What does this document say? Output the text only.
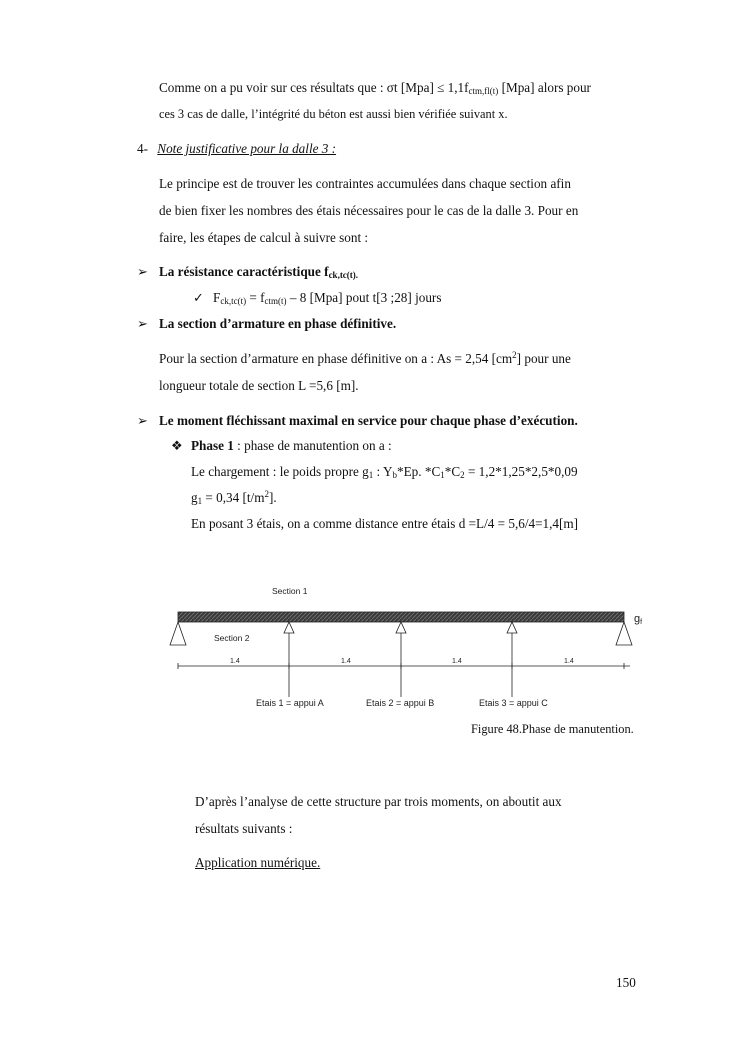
Comme on a pu voir sur ces résultats que : σt $[Mpa] \le 1,1f_{ctm,fl(t)}$ [Mpa] alors pour
ces 3 cas de dalle, l’intégrité du béton est aussi bien vérifiée suivant x.
4- Note justificative pour la dalle 3 :
Le principe est de trouver les contraintes accumulées dans chaque section afin
de bien fixer les nombres des étais nécessaires pour le cas de la dalle 3. Pour en
faire, les étapes de calcul à suivre sont :
➢ La résistance caractéristique $f_{ck,tc(t).}$
✓ $F_{ck,tc(t)} = f_{ctm(t)} - 8$ [Mpa] pout t[3 ;28] jours
➢ La section d’armature en phase définitive.
Pour la section d’armature en phase définitive on a : As = 2,54 $[cm^2]$ pour une
longueur totale de section L =5,6 [m].
➢ Le moment fléchissant maximal en service pour chaque phase d’exécution.
❖ Phase 1 : phase de manutention on a :
Le chargement : le poids propre $g_1$ : $Y_b*Ep$. $*C_1*C_2 = 1,2*1,25*2,5*0,09$
$g_1 = 0,34$ $[t/m^2]$.
En posant 3 étais, on a comme distance entre étais d =L/4 = 5,6/4=1,4[m]
Section 1
gf
Section 2
1.4	1.4	1.4	1.4
Etais 1 = appui A	Etais 2 = appui B	Etais 3 = appui C
Figure 48.Phase de manutention.
D’après l’analyse de cette structure par trois moments, on aboutit aux
résultats suivants :
Application numérique.
150
